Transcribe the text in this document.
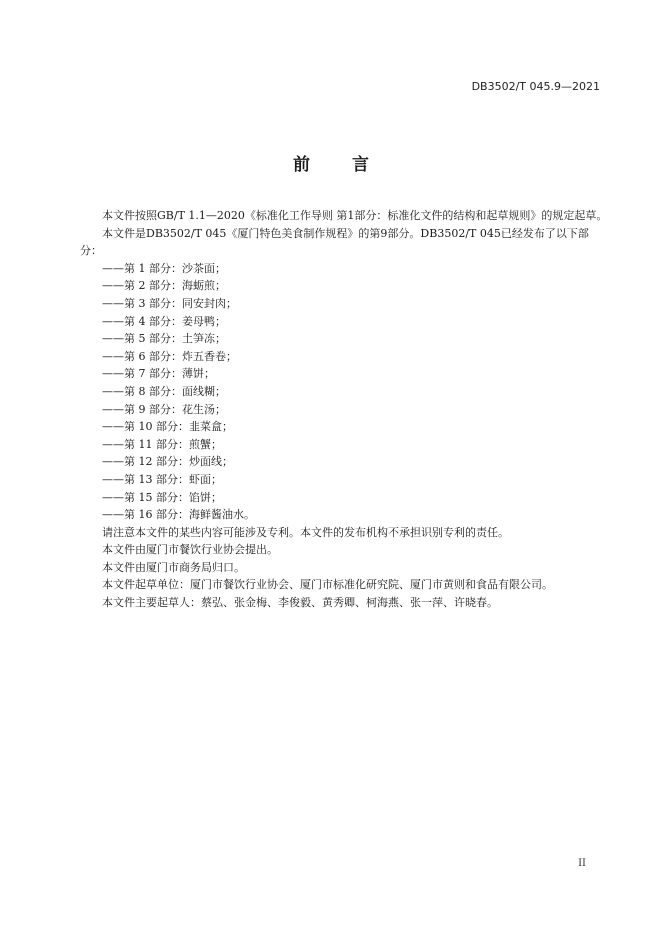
DB3502/T 045.9—2021
前 言

本文件按照GB/T 1.1—2020《标准化工作导则 第1部分：标准化文件的结构和起草规则》的规定起草。

本文件是DB3502/T 045《厦门特色美食制作规程》的第9部分。DB3502/T 045已经发布了以下部分：

——第 1 部分：沙茶面；
——第 2 部分：海蛎煎；
——第 3 部分：同安封肉；
——第 4 部分：姜母鸭；
——第 5 部分：土笋冻；
——第 6 部分：炸五香卷；
——第 7 部分：薄饼；
——第 8 部分：面线糊；
——第 9 部分：花生汤；
——第 10 部分：韭菜盒；
——第 11 部分：煎蟹；
——第 12 部分：炒面线；
——第 13 部分：虾面；
——第 15 部分：馅饼；
——第 16 部分：海鲜酱油水。

请注意本文件的某些内容可能涉及专利。本文件的发布机构不承担识别专利的责任。

本文件由厦门市餐饮行业协会提出。

本文件由厦门市商务局归口。

本文件起草单位：厦门市餐饮行业协会、厦门市标准化研究院、厦门市黄则和食品有限公司。

本文件主要起草人：蔡弘、张金梅、李俊毅、黄秀卿、柯海燕、张一萍、许晓春。

II
